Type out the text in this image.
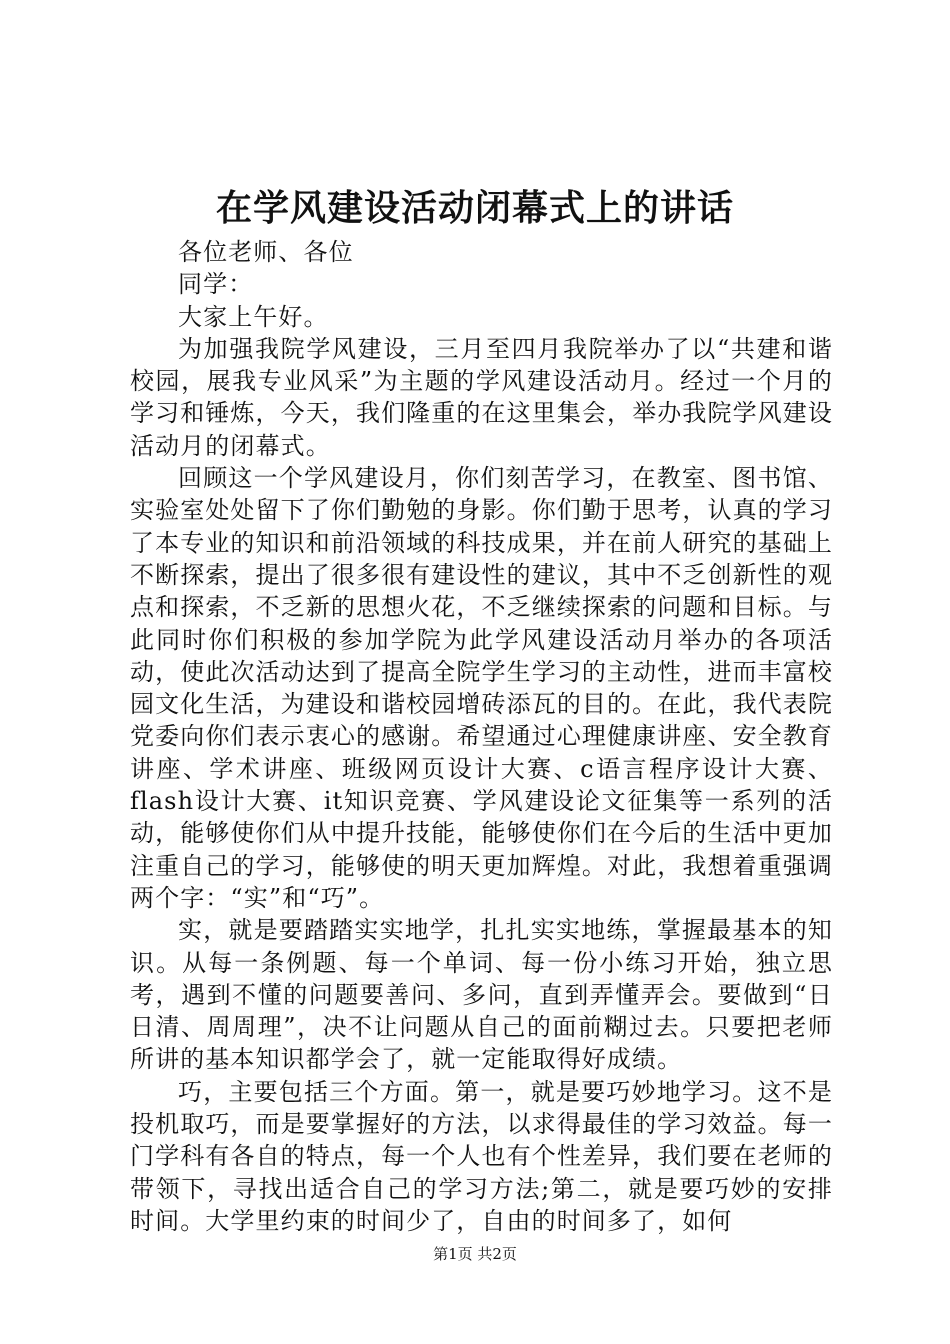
在学风建设活动闭幕式上的讲话

各位老师、各位

同学：

大家上午好。

为加强我院学风建设，三月至四月我院举办了以“共建和谐校园，展我专业风采”为主题的学风建设活动月。经过一个月的学习和锤炼，今天，我们隆重的在这里集会，举办我院学风建设活动月的闭幕式。

回顾这一个学风建设月，你们刻苦学习，在教室、图书馆、实验室处处留下了你们勤勉的身影。你们勤于思考，认真的学习了本专业的知识和前沿领域的科技成果，并在前人研究的基础上不断探索，提出了很多很有建设性的建议，其中不乏创新性的观点和探索，不乏新的思想火花，不乏继续探索的问题和目标。与此同时你们积极的参加学院为此学风建设活动月举办的各项活动，使此次活动达到了提高全院学生学习的主动性，进而丰富校园文化生活，为建设和谐校园增砖添瓦的目的。在此，我代表院党委向你们表示衷心的感谢。希望通过心理健康讲座、安全教育讲座、学术讲座、班级网页设计大赛、c语言程序设计大赛、flash设计大赛、it知识竞赛、学风建设论文征集等一系列的活动，能够使你们从中提升技能，能够使你们在今后的生活中更加注重自己的学习，能够使的明天更加辉煌。对此，我想着重强调两个字：“实”和“巧”。

实，就是要踏踏实实地学，扎扎实实地练，掌握最基本的知识。从每一条例题、每一个单词、每一份小练习开始，独立思考，遇到不懂的问题要善问、多问，直到弄懂弄会。要做到“日日清、周周理”，决不让问题从自己的面前糊过去。只要把老师所讲的基本知识都学会了，就一定能取得好成绩。

巧，主要包括三个方面。第一，就是要巧妙地学习。这不是投机取巧，而是要掌握好的方法，以求得最佳的学习效益。每一门学科有各自的特点，每一个人也有个性差异，我们要在老师的带领下，寻找出适合自己的学习方法;第二，就是要巧妙的安排时间。大学里约束的时间少了，自由的时间多了，如何

第1页 共2页
